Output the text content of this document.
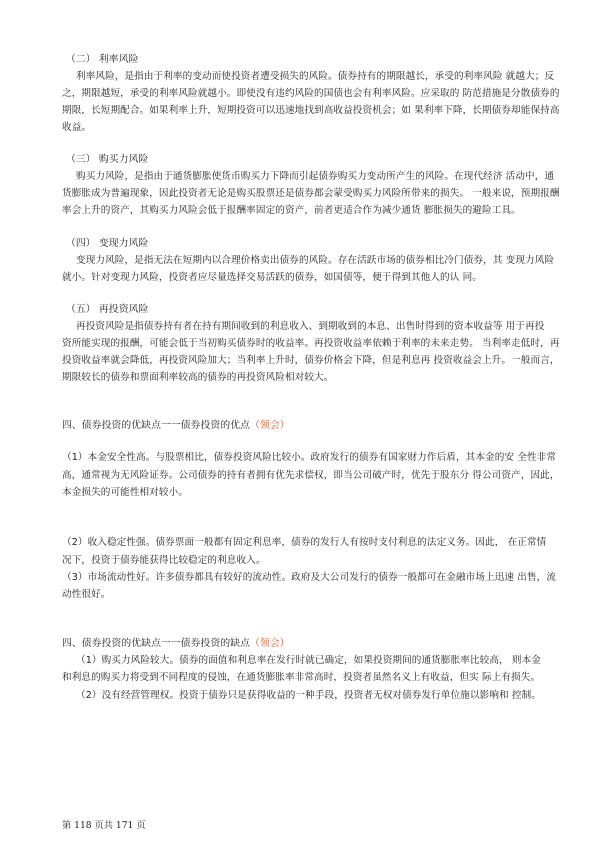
（二） 利率风险
利率风险，是指由于利率的变动而使投资者遭受损失的风险。债券持有的期限越长，承受的利率风险 就越大；反
之，期限越短，承受的利率风险就越小。即使没有违约风险的国债也会有利率风险。应采取的 防范措施是分散债券的
期限，长短期配合。如果利率上升，短期投资可以迅速地找到高收益投资机会；如 果利率下降，长期债券却能保持高
收益。
（三） 购买力风险
购买力风险，是指由于通货膨胀使货币购买力下降而引起债券购买力变动所产生的风险。在现代经济 活动中，通
货膨胀成为普遍现象，因此投资者无论是购买股票还是债券都会蒙受购买力风险所带来的损失。 一般来说，预期报酬
率会上升的资产，其购买力风险会低于报酬率固定的资产，前者更适合作为减少通货 膨胀损失的避险工具。
（四） 变现力风险
变现力风险，是指无法在短期内以合理价格卖出债券的风险。存在活跃市场的债券相比冷门债券，其 变现力风险
就小。针对变现力风险，投资者应尽量选择交易活跃的债券，如国债等，便于得到其他人的认 同。
（五） 再投资风险
再投资风险是指债券持有者在持有期间收到的利息收入、到期收到的本息、出售时得到的资本收益等 用于再投
资所能实现的报酬，可能会低于当初购买债券时的收益率。再投资收益率依赖于利率的未来走势。 当利率走低时，再
投资收益率就会降低，再投资风险加大；当利率上升时，债券价格会下降，但是利息再 投资收益会上升。一般而言，
期限较长的债券和票面利率较高的债券的再投资风险相对较大。
四、债券投资的优缺点一一债券投资的优点（领会）
（1）本金安全性高。与股票相比，债券投资风险比较小。政府发行的债券有国家财力作后盾，其本金的安 全性非常
高，通常视为无风险证券。公司债券的持有者拥有优先求偿权，即当公司破产时，优先于股东分 得公司资产，因此，
本金损失的可能性相对较小。
（2）收入稳定性强。债券票面一般都有固定利息率，债券的发行人有按时支付利息的法定义务。因此， 在正常情
况下，投资于债券能获得比较稳定的利息收入。
（3）市场流动性好。许多债券都具有较好的流动性。政府及大公司发行的债券一般都可在金融市场上迅速 出售，流
动性很好。
四、债券投资的优缺点一一债券投资的缺点（领会）
（1）购买力风险较大。债券的面值和利息率在发行时就已确定，如果投资期间的通货膨胀率比较高， 则本金
和利息的购买力将受到不同程度的侵蚀，在通货膨胀率非常高时，投资者虽然名义上有收益，但实 际上有损失。
（2）没有经营管理权。投资于债券只是获得收益的一种手段，投资者无权对债券发行单位施以影响和 控制。
第 118 页共 171 页
